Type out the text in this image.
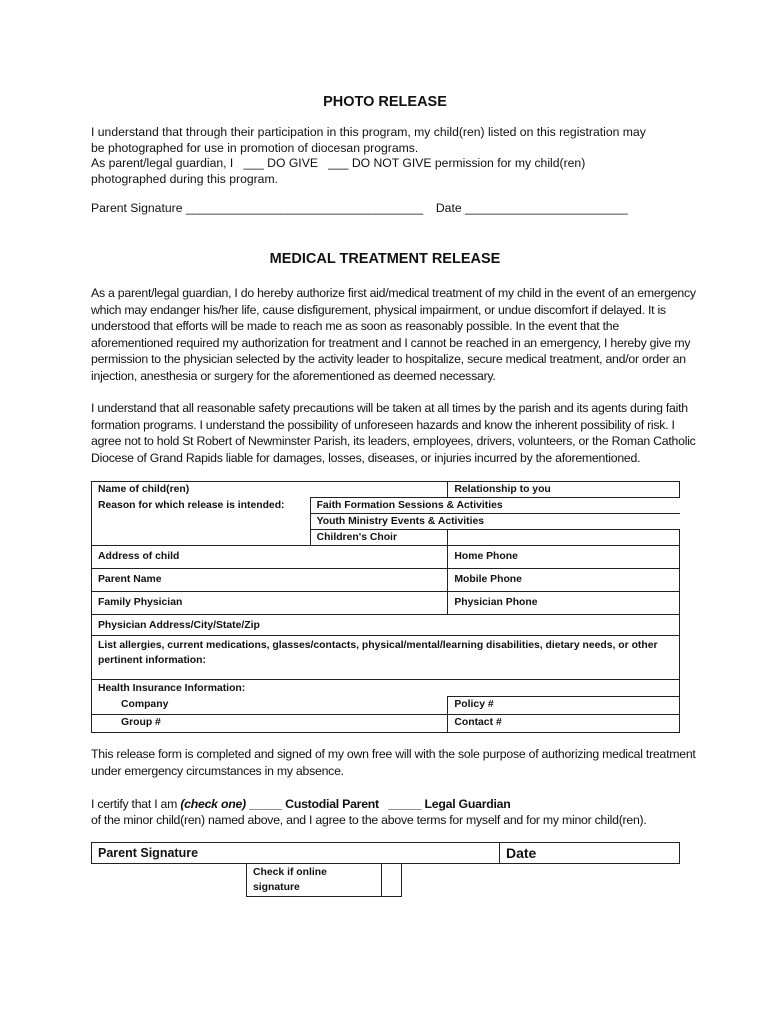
PHOTO RELEASE
I understand that through their participation in this program, my child(ren) listed on this registration may
be photographed for use in promotion of diocesan programs.
As parent/legal guardian, I   ___ DO GIVE   ___ DO NOT GIVE permission for my child(ren)
photographed during this program.
Parent Signature ___________________________________ Date ________________________
MEDICAL TREATMENT RELEASE
As a parent/legal guardian, I do hereby authorize first aid/medical treatment of my child in the event of an emergency
which may endanger his/her life, cause disfigurement, physical impairment, or undue discomfort if delayed. It is
understood that efforts will be made to reach me as soon as reasonably possible. In the event that the
aforementioned required my authorization for treatment and I cannot be reached in an emergency, I hereby give my
permission to the physician selected by the activity leader to hospitalize, secure medical treatment, and/or order an
injection, anesthesia or surgery for the aforementioned as deemed necessary.
I understand that all reasonable safety precautions will be taken at all times by the parish and its agents during faith
formation programs. I understand the possibility of unforeseen hazards and know the inherent possibility of risk. I
agree not to hold St Robert of Newminster Parish, its leaders, employees, drivers, volunteers, or the Roman Catholic
Diocese of Grand Rapids liable for damages, losses, diseases, or injuries incurred by the aforementioned.
Name of child(ren)		Relationship to you
Reason for which release is intended:	Faith Formation Sessions & Activities	
	Youth Ministry Events & Activities	
	Children's Choir	
Address of child		Home Phone
Parent Name		Mobile Phone
Family Physician		Physician Phone
Physician Address/City/State/Zip		

List allergies, current medications, glasses/contacts, physical/mental/learning disabilities, dietary needs, or other
pertinent information:		

Health Insurance Information:		
Company		Policy #
Group #		Contact #
This release form is completed and signed of my own free will with the sole purpose of authorizing medical treatment
under emergency circumstances in my absence.
I certify that I am (check one) _____ Custodial Parent   _____ Legal Guardian
of the minor child(ren) named above, and I agree to the above terms for myself and for my minor child(ren).
Parent Signature	Date
Check if online
signature
